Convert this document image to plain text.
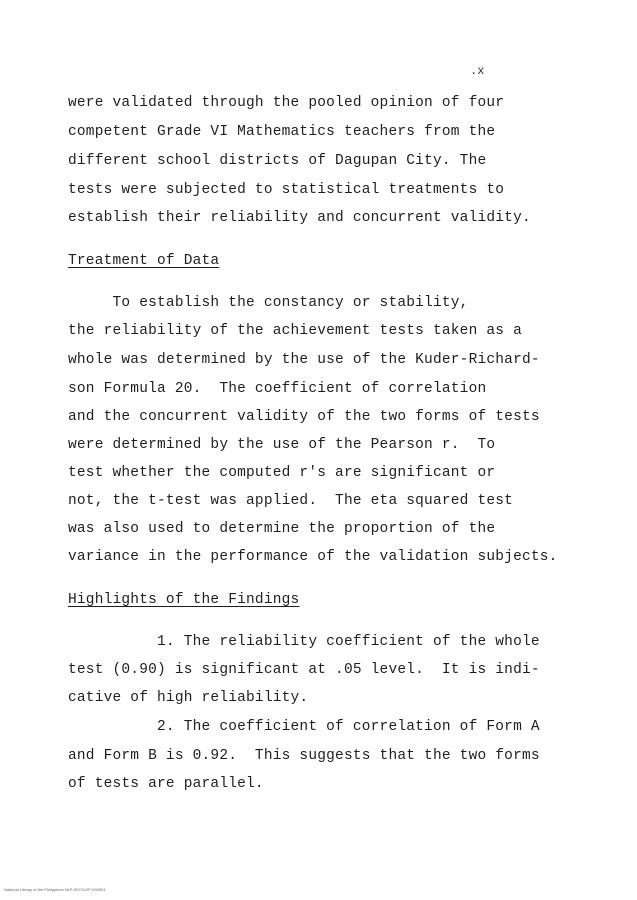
.x
were validated through the pooled opinion of four
competent Grade VI Mathematics teachers from the
different school districts of Dagupan City. The
tests were subjected to statistical treatments to
establish their reliability and concurrent validity.
Treatment of Data
To establish the constancy or stability,
the reliability of the achievement tests taken as a
whole was determined by the use of the Kuder-Richard-
son Formula 20.  The coefficient of correlation
and the concurrent validity of the two forms of tests
were determined by the use of the Pearson r.  To
test whether the computed r's are significant or
not, the t-test was applied.  The eta squared test
was also used to determine the proportion of the
variance in the performance of the validation subjects.
Highlights of the Findings
1. The reliability coefficient of the whole
test (0.90) is significant at .05 level.  It is indi-
cative of high reliability.
2. The coefficient of correlation of Form A
and Form B is 0.92.  This suggests that the two forms
of tests are parallel.
National Library of the Philippines NLP-00701/2P-000001
